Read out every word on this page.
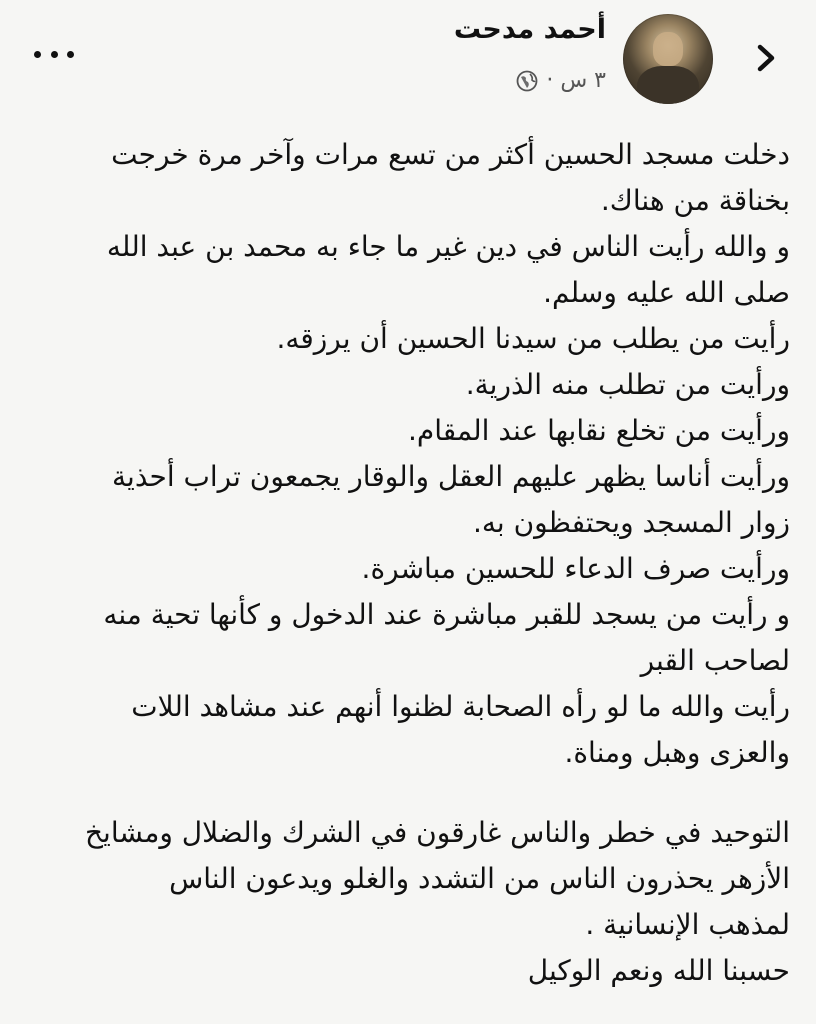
أحمد مدحت
٣ س ·
دخلت مسجد الحسين أكثر من تسع مرات وآخر مرة خرجت
بخناقة من هناك.
و والله رأيت الناس في دين غير ما جاء به محمد بن عبد الله
صلى الله عليه وسلم.
رأيت من يطلب من سيدنا الحسين أن يرزقه.
ورأيت من تطلب منه الذرية.
ورأيت من تخلع نقابها عند المقام.
ورأيت أناسا يظهر عليهم العقل والوقار يجمعون تراب أحذية
زوار المسجد ويحتفظون به.
ورأيت صرف الدعاء للحسين مباشرة.
و رأيت من يسجد للقبر مباشرة عند الدخول و كأنها تحية منه
لصاحب القبر
رأيت والله ما لو رأه الصحابة لظنوا أنهم عند مشاهد اللات
والعزى وهبل ومناة.
التوحيد في خطر والناس غارقون في الشرك والضلال ومشايخ
الأزهر يحذرون الناس من التشدد والغلو ويدعون الناس
لمذهب الإنسانية .
حسبنا الله ونعم الوكيل
